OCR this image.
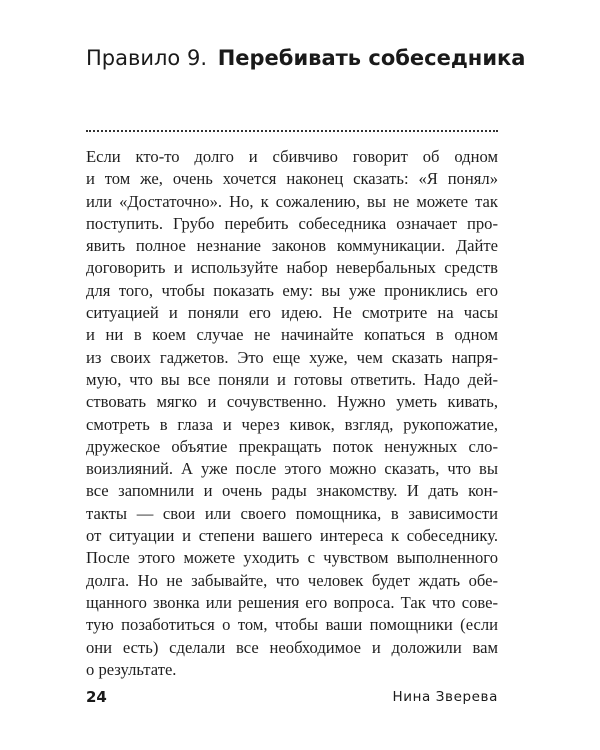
Правило 9. Перебивать собеседника
Если кто-то долго и сбивчиво говорит об одном
и том же, очень хочется наконец сказать: «Я понял»
или «Достаточно». Но, к сожалению, вы не можете так
поступить. Грубо перебить собеседника означает про-
явить полное незнание законов коммуникации. Дайте
договорить и используйте набор невербальных средств
для того, чтобы показать ему: вы уже прониклись его
ситуацией и поняли его идею. Не смотрите на часы
и ни в коем случае не начинайте копаться в одном
из своих гаджетов. Это еще хуже, чем сказать напря-
мую, что вы все поняли и готовы ответить. Надо дей-
ствовать мягко и сочувственно. Нужно уметь кивать,
смотреть в глаза и через кивок, взгляд, рукопожатие,
дружеское объятие прекращать поток ненужных сло-
воизлияний. А уже после этого можно сказать, что вы
все запомнили и очень рады знакомству. И дать кон-
такты — свои или своего помощника, в зависимости
от ситуации и степени вашего интереса к собеседнику.
После этого можете уходить с чувством выполненного
долга. Но не забывайте, что человек будет ждать обе-
щанного звонка или решения его вопроса. Так что сове-
тую позаботиться о том, чтобы ваши помощники (если
они есть) сделали все необходимое и доложили вам
о результате.
24	Нина Зверева
